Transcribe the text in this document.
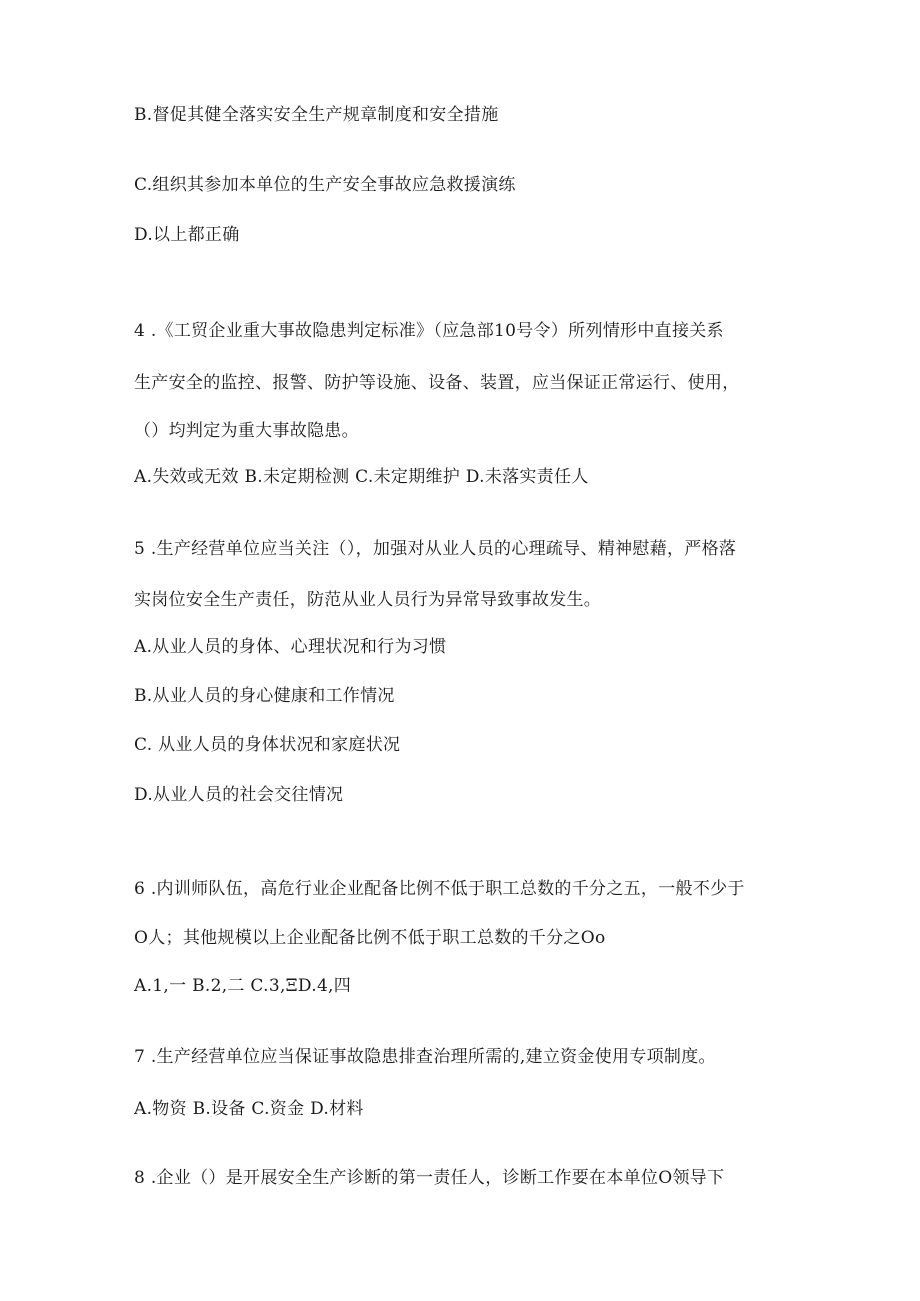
B.督促其健全落实安全生产规章制度和安全措施
C.组织其参加本单位的生产安全事故应急救援演练
D.以上都正确
4 .《工贸企业重大事故隐患判定标准》（应急部10号令）所列情形中直接关系
生产安全的监控、报警、防护等设施、设备、装置，应当保证正常运行、使用，
（）均判定为重大事故隐患。
A.失效或无效 B.未定期检测 C.未定期维护 D.未落实责任人
5 .生产经营单位应当关注（），加强对从业人员的心理疏导、精神慰藉，严格落
实岗位安全生产责任，防范从业人员行为异常导致事故发生。
A.从业人员的身体、心理状况和行为习惯
B.从业人员的身心健康和工作情况
C. 从业人员的身体状况和家庭状况
D.从业人员的社会交往情况
6 .内训师队伍，高危行业企业配备比例不低于职工总数的千分之五，一般不少于
O人；其他规模以上企业配备比例不低于职工总数的千分之Oo
A.1,一 B.2,二 C.3,ΞD.4,四
7 .生产经营单位应当保证事故隐患排查治理所需的,建立资金使用专项制度。
A.物资 B.设备 C.资金 D.材料
8 .企业（）是开展安全生产诊断的第一责任人，诊断工作要在本单位O领导下
